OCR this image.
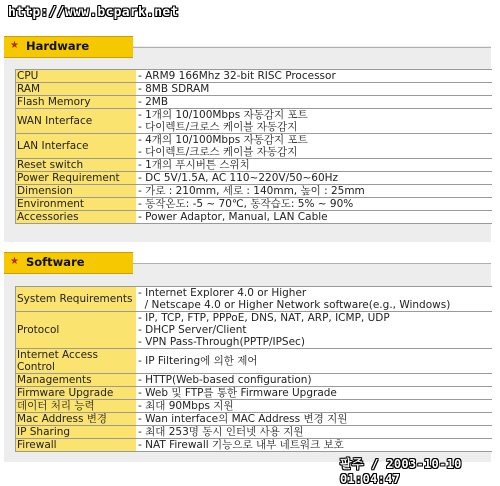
http://www.bcpark.net
★ Hardware
CPU	- ARM9 166Mhz 32-bit RISC Processor

RAM	- 8MB SDRAM

Flash Memory	- 2MB

WAN Interface	- 1개의 10/100Mbps 자동감지 포트
- 다이렉트/크로스 케이블 자동감지

LAN Interface	- 4개의 10/100Mbps 자동감지 포트
- 다이렉트/크로스 케이블 자동감지

Reset switch	- 1개의 푸시버튼 스위치

Power Requirement	- DC 5V/1.5A, AC 110~220V/50~60Hz

Dimension	- 가로 : 210mm, 세로 : 140mm, 높이 : 25mm

Environment	- 동작온도: -5 ~ 70℃, 동작습도: 5% ~ 90%

Accessories	- Power Adaptor, Manual, LAN Cable
★ Software
System Requirements	- Internet Explorer 4.0 or Higher
/ Netscape 4.0 or Higher Network software(e.g., Windows)

Protocol	- IP, TCP, FTP, PPPoE, DNS, NAT, ARP, ICMP, UDP
- DHCP Server/Client
- VPN Pass-Through(PPTP/IPSec)

Internet Access
Control	- IP Filtering에 의한 제어

Managements	- HTTP(Web-based configuration)

Firmware Upgrade	- Web 및 FTP를 통한 Firmware Upgrade

데이터 처리 능력	- 최대 90Mbps 지원

Mac Address 변경	- Wan interface의 MAC Address 변경 지원

IP Sharing	- 최대 253명 동시 인터넷 사용 지원

Firewall	- NAT Firewall 기능으로 내부 네트워크 보호
팔주 / 2003-10-10 01:04:47
